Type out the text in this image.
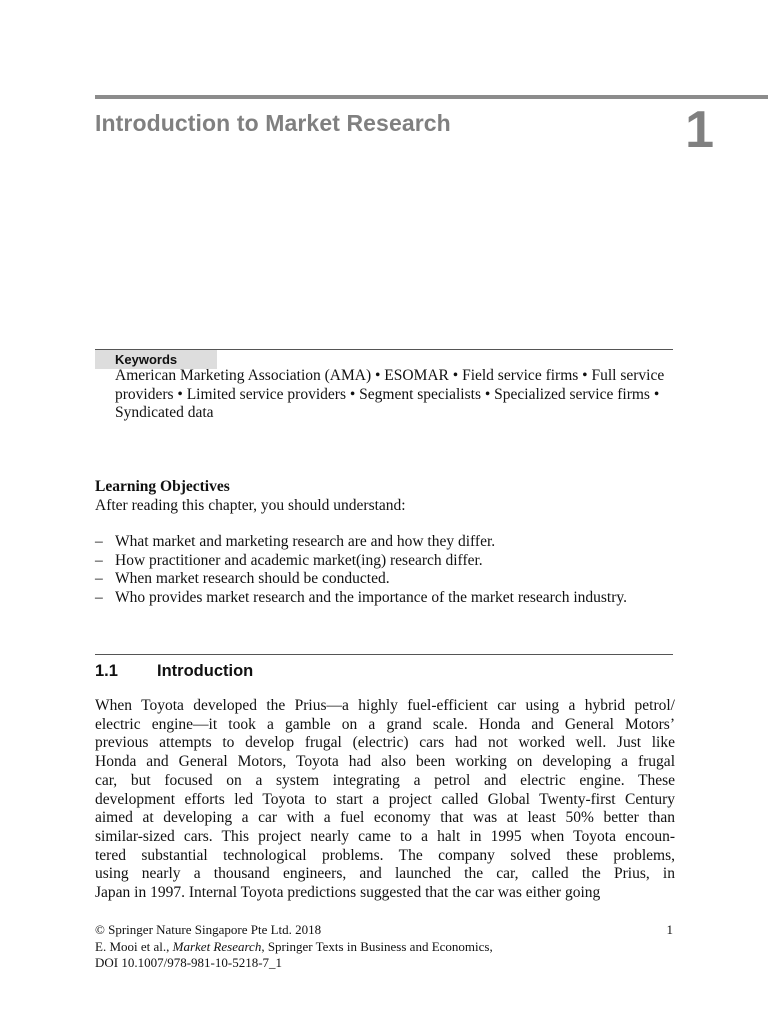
Introduction to Market Research	1
Keywords
American Marketing Association (AMA) • ESOMAR • Field service firms • Full service providers • Limited service providers • Segment specialists • Specialized service firms • Syndicated data
Learning Objectives
After reading this chapter, you should understand:
– What market and marketing research are and how they differ.
– How practitioner and academic market(ing) research differ.
– When market research should be conducted.
– Who provides market research and the importance of the market research industry.
1.1 Introduction

When Toyota developed the Prius—a highly fuel-efficient car using a hybrid petrol/
electric engine—it took a gamble on a grand scale. Honda and General Motors’
previous attempts to develop frugal (electric) cars had not worked well. Just like
Honda and General Motors, Toyota had also been working on developing a frugal
car, but focused on a system integrating a petrol and electric engine. These
development efforts led Toyota to start a project called Global Twenty-first Century
aimed at developing a car with a fuel economy that was at least 50% better than
similar-sized cars. This project nearly came to a halt in 1995 when Toyota encoun-
tered substantial technological problems. The company solved these problems,
using nearly a thousand engineers, and launched the car, called the Prius, in
Japan in 1997. Internal Toyota predictions suggested that the car was either going

© Springer Nature Singapore Pte Ltd. 2018
E. Mooi et al., Market Research, Springer Texts in Business and Economics,
DOI 10.1007/978-981-10-5218-7_1
1
